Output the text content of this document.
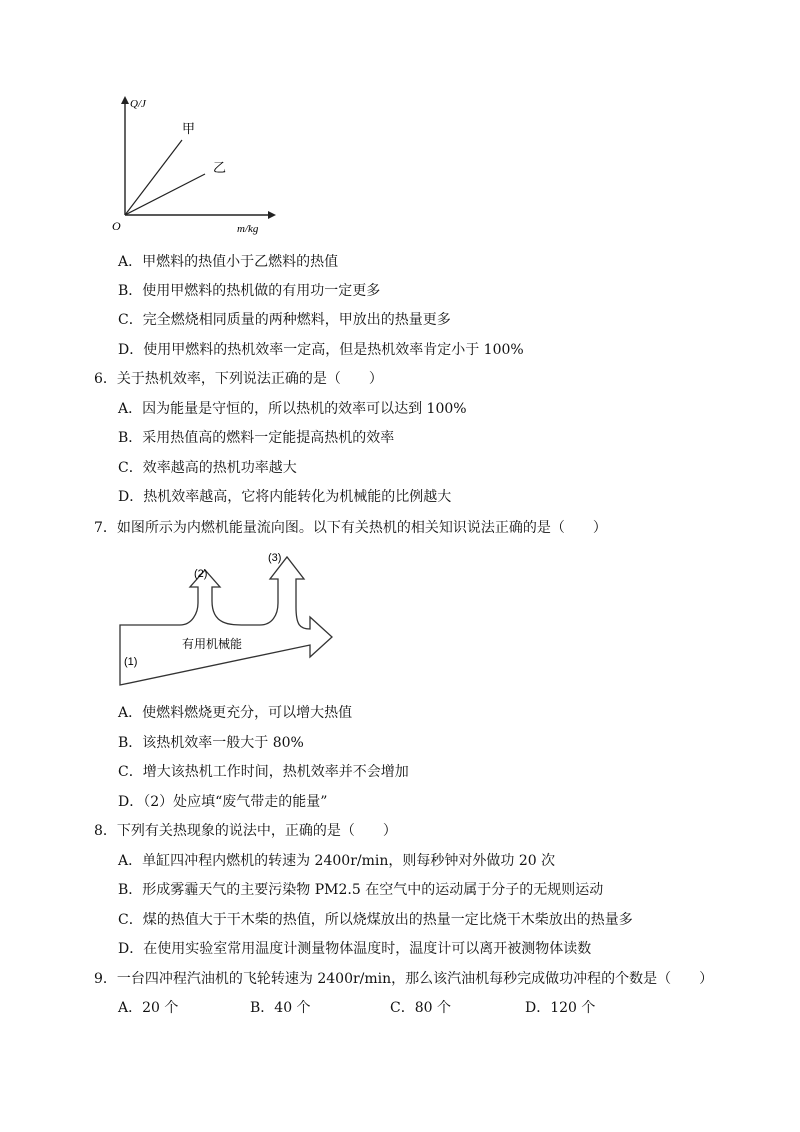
Q/J
m/kg
O
甲
乙
A．甲燃料的热值小于乙燃料的热值
B．使用甲燃料的热机做的有用功一定更多
C．完全燃烧相同质量的两种燃料，甲放出的热量更多
D．使用甲燃料的热机效率一定高，但是热机效率肯定小于 100%
6．关于热机效率，下列说法正确的是（　　）
A．因为能量是守恒的，所以热机的效率可以达到 100%
B．采用热值高的燃料一定能提高热机的效率
C．效率越高的热机功率越大
D．热机效率越高，它将内能转化为机械能的比例越大
7．如图所示为内燃机能量流向图。以下有关热机的相关知识说法正确的是（　　）
(1)
(2)
(3)
有用机械能
A．使燃料燃烧更充分，可以增大热值
B．该热机效率一般大于 80%
C．增大该热机工作时间，热机效率并不会增加
D．（2）处应填“废气带走的能量”
8．下列有关热现象的说法中，正确的是（　　）
A．单缸四冲程内燃机的转速为 2400r/min，则每秒钟对外做功 20 次
B．形成雾霾天气的主要污染物 PM2.5 在空气中的运动属于分子的无规则运动
C．煤的热值大于干木柴的热值，所以烧煤放出的热量一定比烧干木柴放出的热量多
D．在使用实验室常用温度计测量物体温度时，温度计可以离开被测物体读数
9．一台四冲程汽油机的飞轮转速为 2400r/min，那么该汽油机每秒完成做功冲程的个数是（　　）
A．20 个	B．40 个	C．80 个	D．120 个
